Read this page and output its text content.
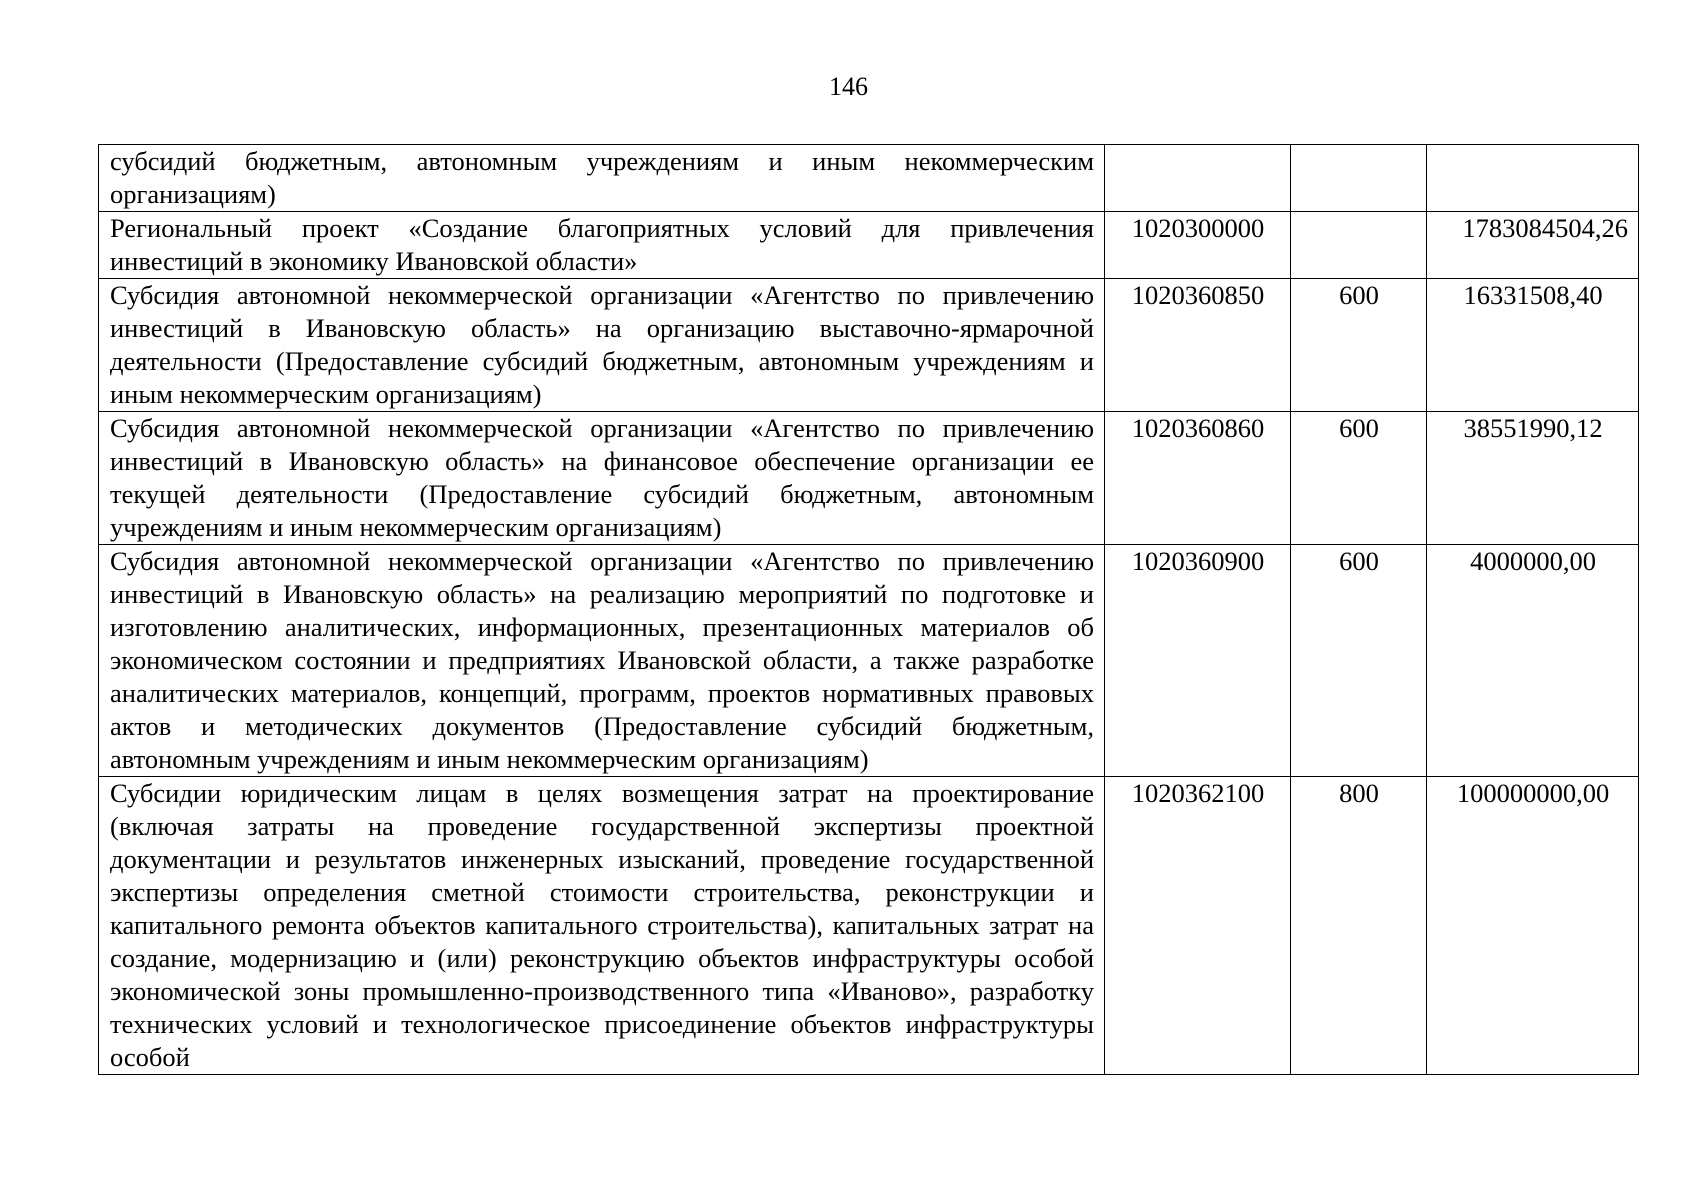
146
субсидий бюджетным, автономным учреждениям и иным некоммерческим организациям)			
Региональный проект «Создание благоприятных условий для привлечения инвестиций в экономику Ивановской области»	1020300000		1783084504,26
Субсидия автономной некоммерческой организации «Агентство по привлечению инвестиций в Ивановскую область» на организацию выставочно-ярмарочной деятельности (Предоставление субсидий бюджетным, автономным учреждениям и иным некоммерческим организациям)	1020360850	600	16331508,40
Субсидия автономной некоммерческой организации «Агентство по привлечению инвестиций в Ивановскую область» на финансовое обеспечение организации ее текущей деятельности (Предоставление субсидий бюджетным, автономным учреждениям и иным некоммерческим организациям)	1020360860	600	38551990,12
Субсидия автономной некоммерческой организации «Агентство по привлечению инвестиций в Ивановскую область» на реализацию мероприятий по подготовке и изготовлению аналитических, информационных, презентационных материалов об экономическом состоянии и предприятиях Ивановской области, а также разработке аналитических материалов, концепций, программ, проектов нормативных правовых актов и методических документов (Предоставление субсидий бюджетным, автономным учреждениям и иным некоммерческим организациям)	1020360900	600	4000000,00
Субсидии юридическим лицам в целях возмещения затрат на проектирование (включая затраты на проведение государственной экспертизы проектной документации и результатов инженерных изысканий, проведение государственной экспертизы определения сметной стоимости строительства, реконструкции и капитального ремонта объектов капитального строительства), капитальных затрат на создание, модернизацию и (или) реконструкцию объектов инфраструктуры особой экономической зоны промышленно-производственного типа «Иваново», разработку технических условий и технологическое присоединение объектов инфраструктуры особой	1020362100	800	100000000,00
